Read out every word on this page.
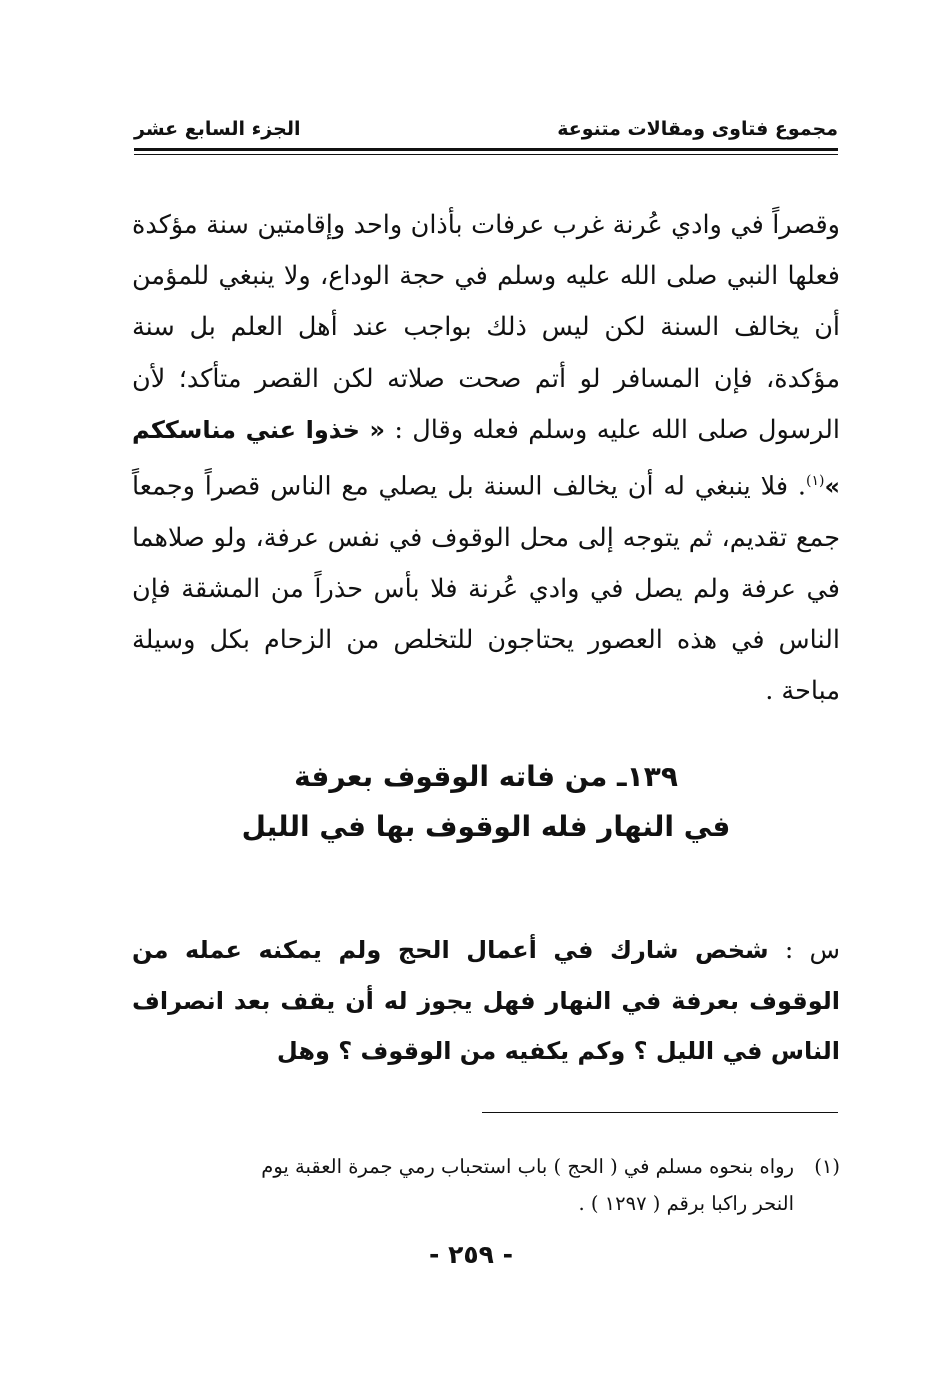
مجموع فتاوى ومقالات متنوعة
الجزء السابع عشر

وقصراً في وادي عُرنة غرب عرفات بأذان واحد وإقامتين سنة مؤكدة فعلها النبي صلى الله عليه وسلم في حجة الوداع، ولا ينبغي للمؤمن أن يخالف السنة لكن ليس ذلك بواجب عند أهل العلم بل سنة مؤكدة، فإن المسافر لو أتم صحت صلاته لكن القصر متأكد؛ لأن الرسول صلى الله عليه وسلم فعله وقال : « خذوا عني مناسككم »$^{(١)}$. فلا ينبغي له أن يخالف السنة بل يصلي مع الناس قصراً وجمعاً جمع تقديم، ثم يتوجه إلى محل الوقوف في نفس عرفة، ولو صلاهما في عرفة ولم يصل في وادي عُرنة فلا بأس حذراً من المشقة فإن الناس في هذه العصور يحتاجون للتخلص من الزحام بكل وسيلة مباحة .

١٣٩ـ من فاته الوقوف بعرفة
في النهار فله الوقوف بها في الليل
س : شخص شارك في أعمال الحج ولم يمكنه عمله من الوقوف بعرفة في النهار فهل يجوز له أن يقف بعد انصراف الناس في الليل ؟ وكم يكفيه من الوقوف ؟ وهل
(١)رواه بنحوه مسلم في ( الحج ) باب استحباب رمي جمرة العقبة يوم
النحر راكبا برقم ( ١٢٩٧ ) .
- ٢٥٩ -
